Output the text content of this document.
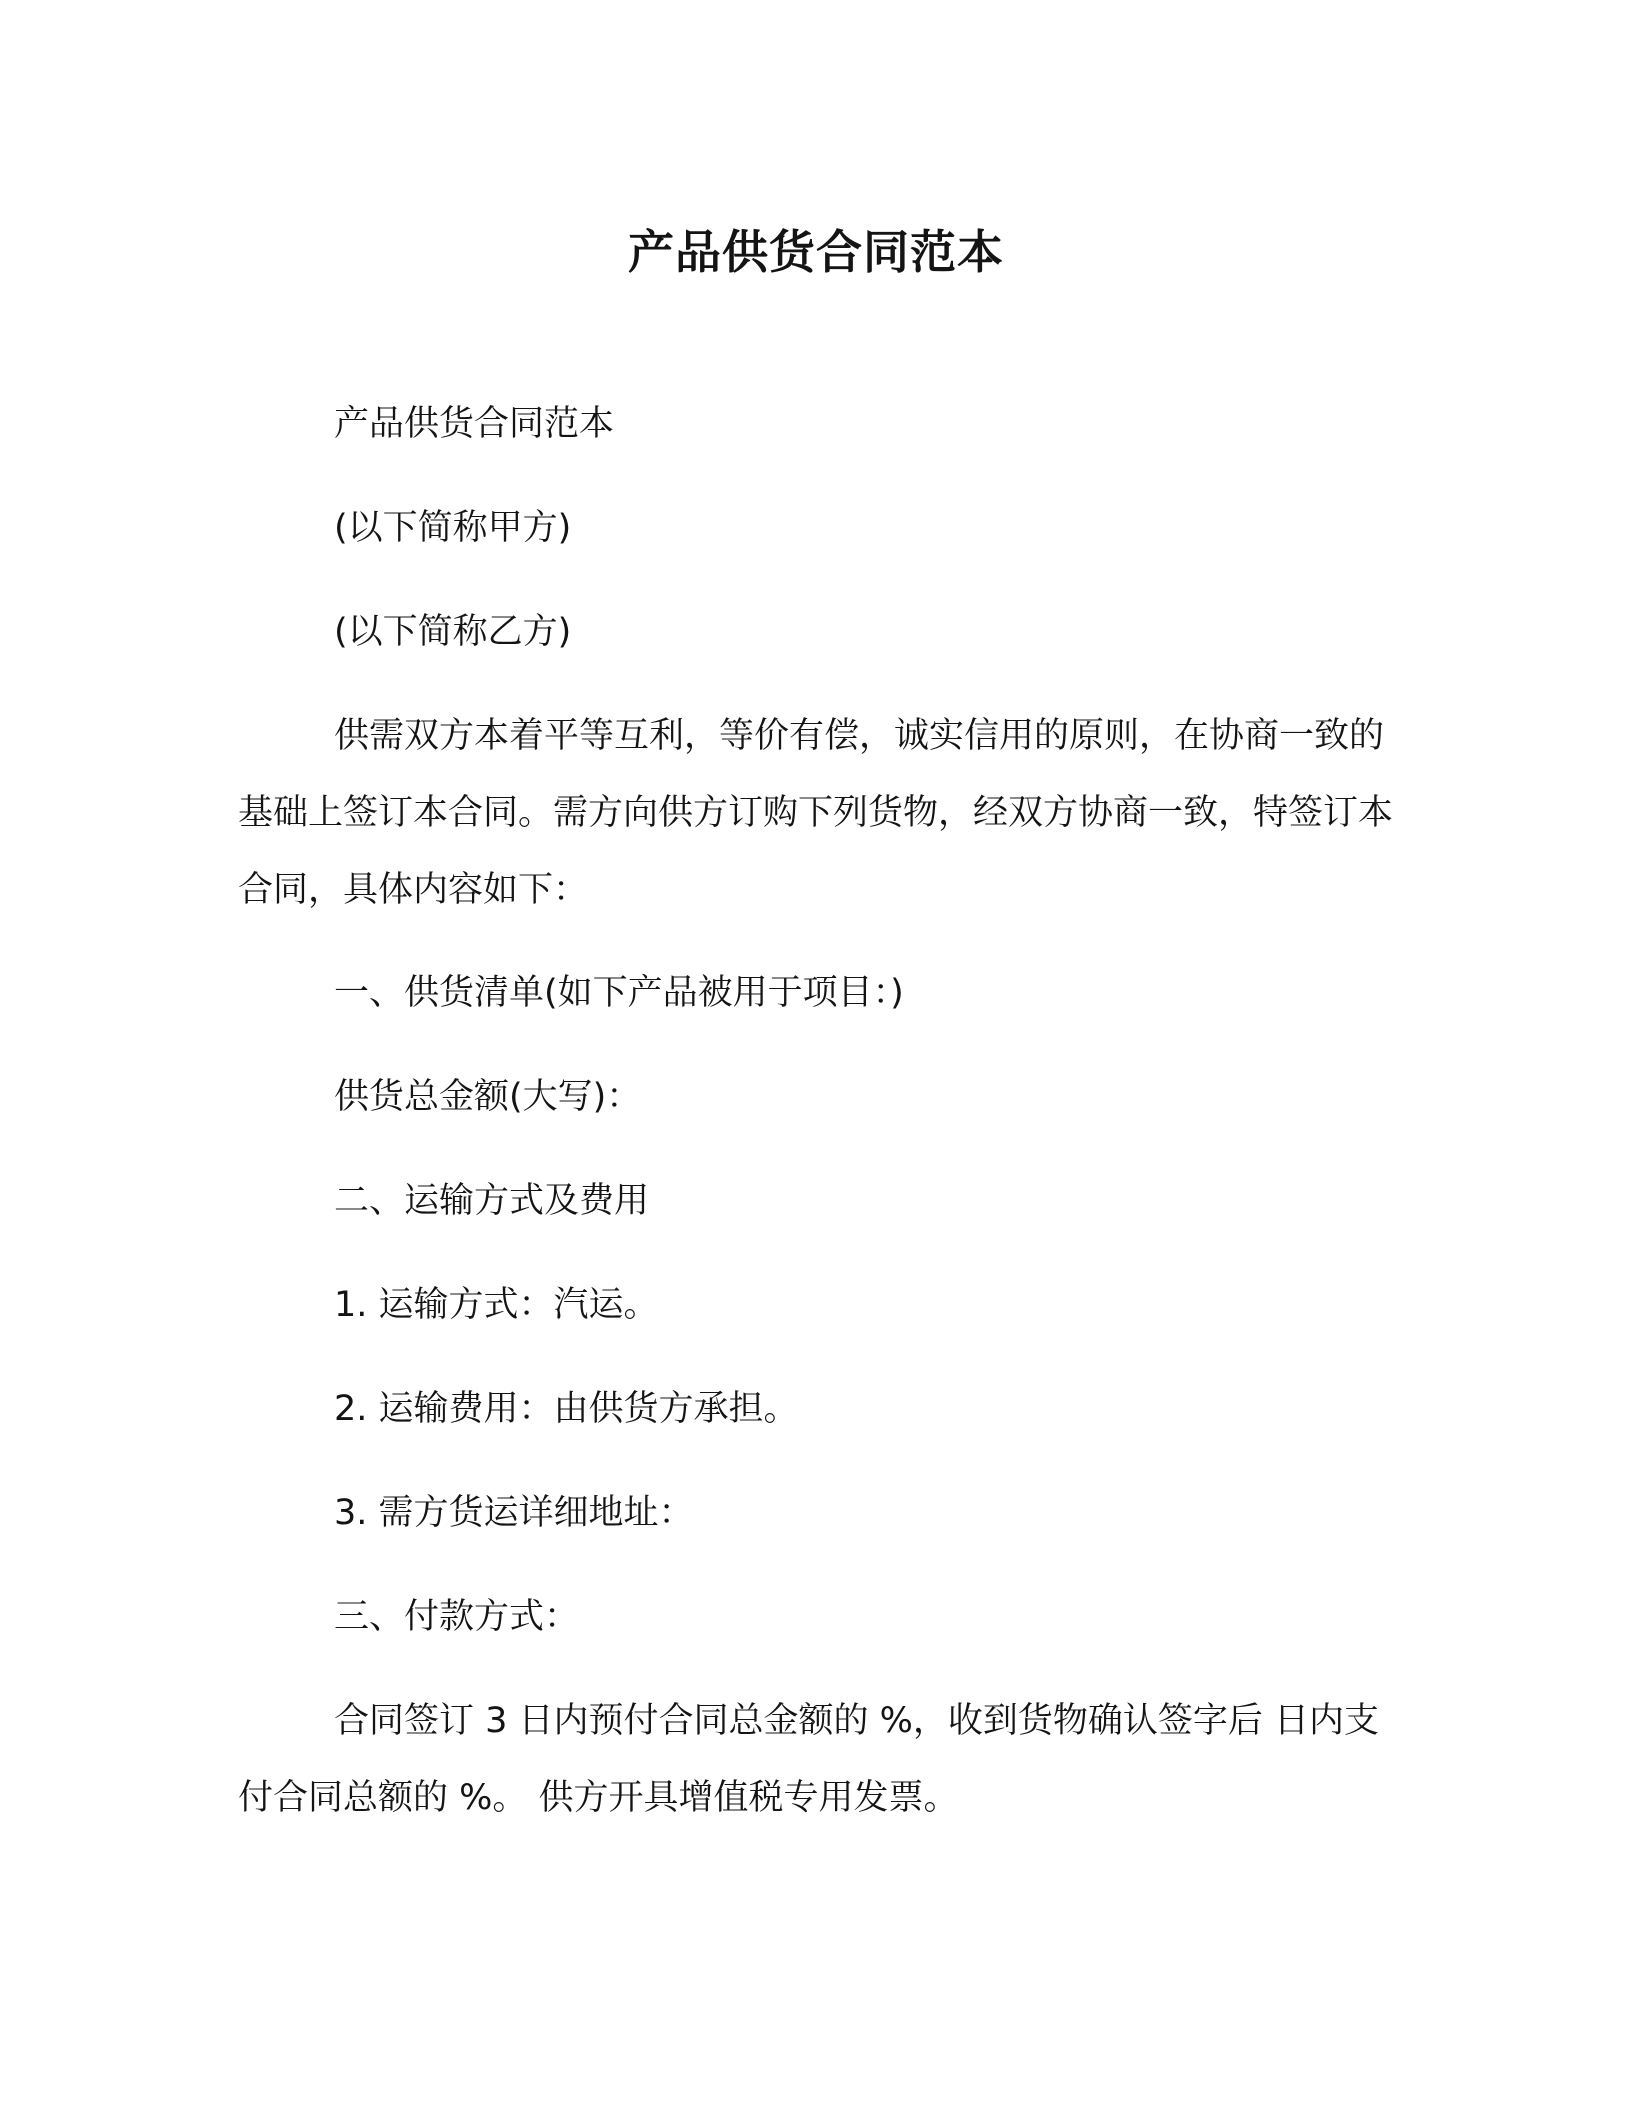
产品供货合同范本

产品供货合同范本

(以下简称甲方)

(以下简称乙方)

供需双方本着平等互利，等价有偿，诚实信用的原则，在协商一致的基础上签订本合同。需方向供方订购下列货物，经双方协商一致，特签订本合同，具体内容如下：

一、供货清单(如下产品被用于项目：)

供货总金额(大写)：

二、运输方式及费用

1. 运输方式：汽运。

2. 运输费用：由供货方承担。

3. 需方货运详细地址：

三、付款方式：

合同签订 3 日内预付合同总金额的 %，收到货物确认签字后 日内支付合同总额的 %。 供方开具增值税专用发票。
